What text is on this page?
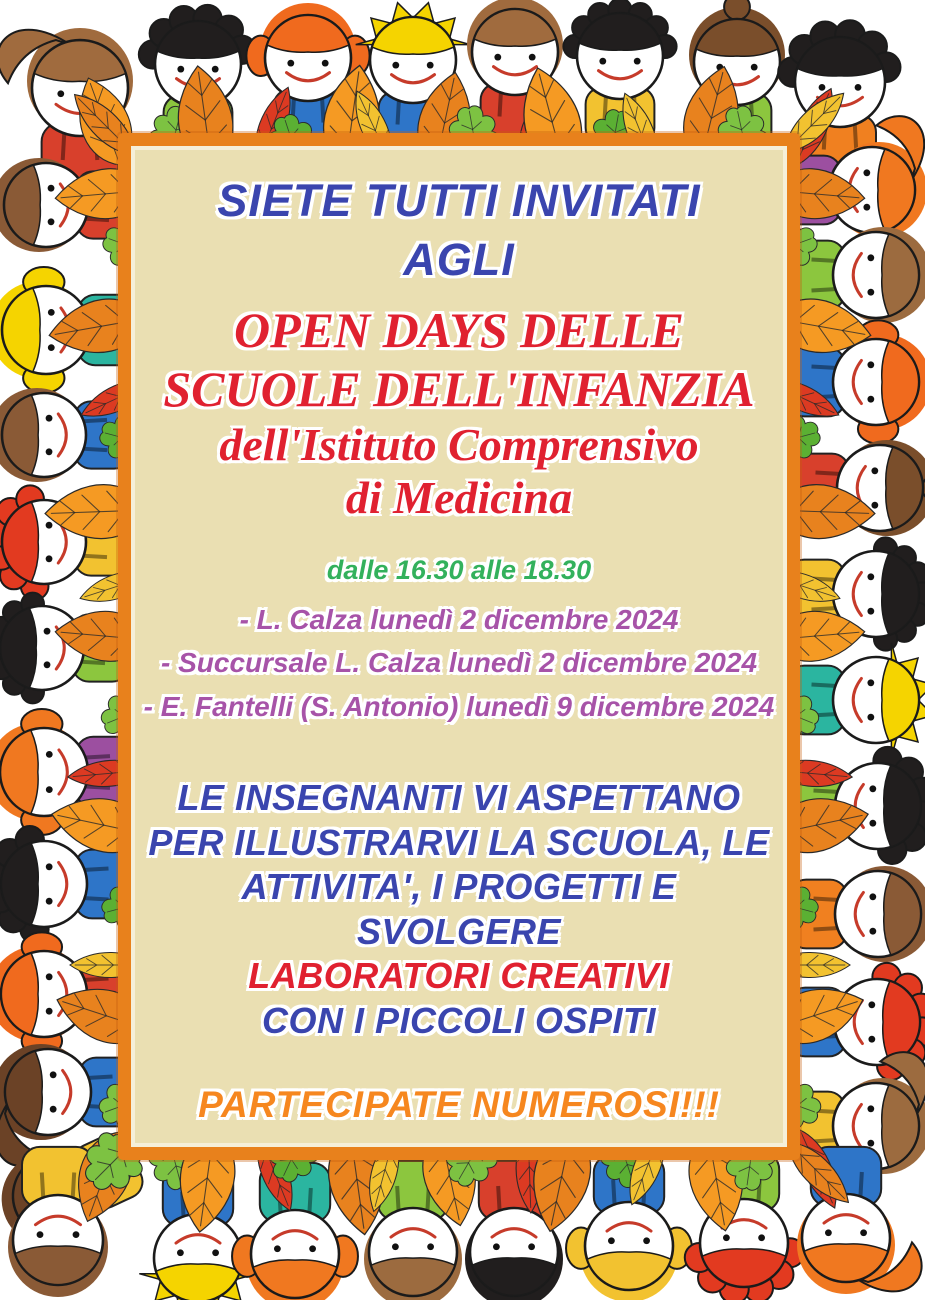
SIETE TUTTI INVITATI
AGLI
OPEN DAYS DELLE
SCUOLE DELL'INFANZIA
dell'Istituto Comprensivo
di Medicina
dalle 16.30 alle 18.30
- L. Calza lunedì 2 dicembre 2024
- Succursale L. Calza lunedì 2 dicembre 2024
- E. Fantelli (S. Antonio) lunedì 9 dicembre 2024
LE INSEGNANTI VI ASPETTANO
PER ILLUSTRARVI LA SCUOLA, LE
ATTIVITA', I PROGETTI E
SVOLGERE
LABORATORI CREATIVI
CON I PICCOLI OSPITI
PARTECIPATE NUMEROSI!!!
